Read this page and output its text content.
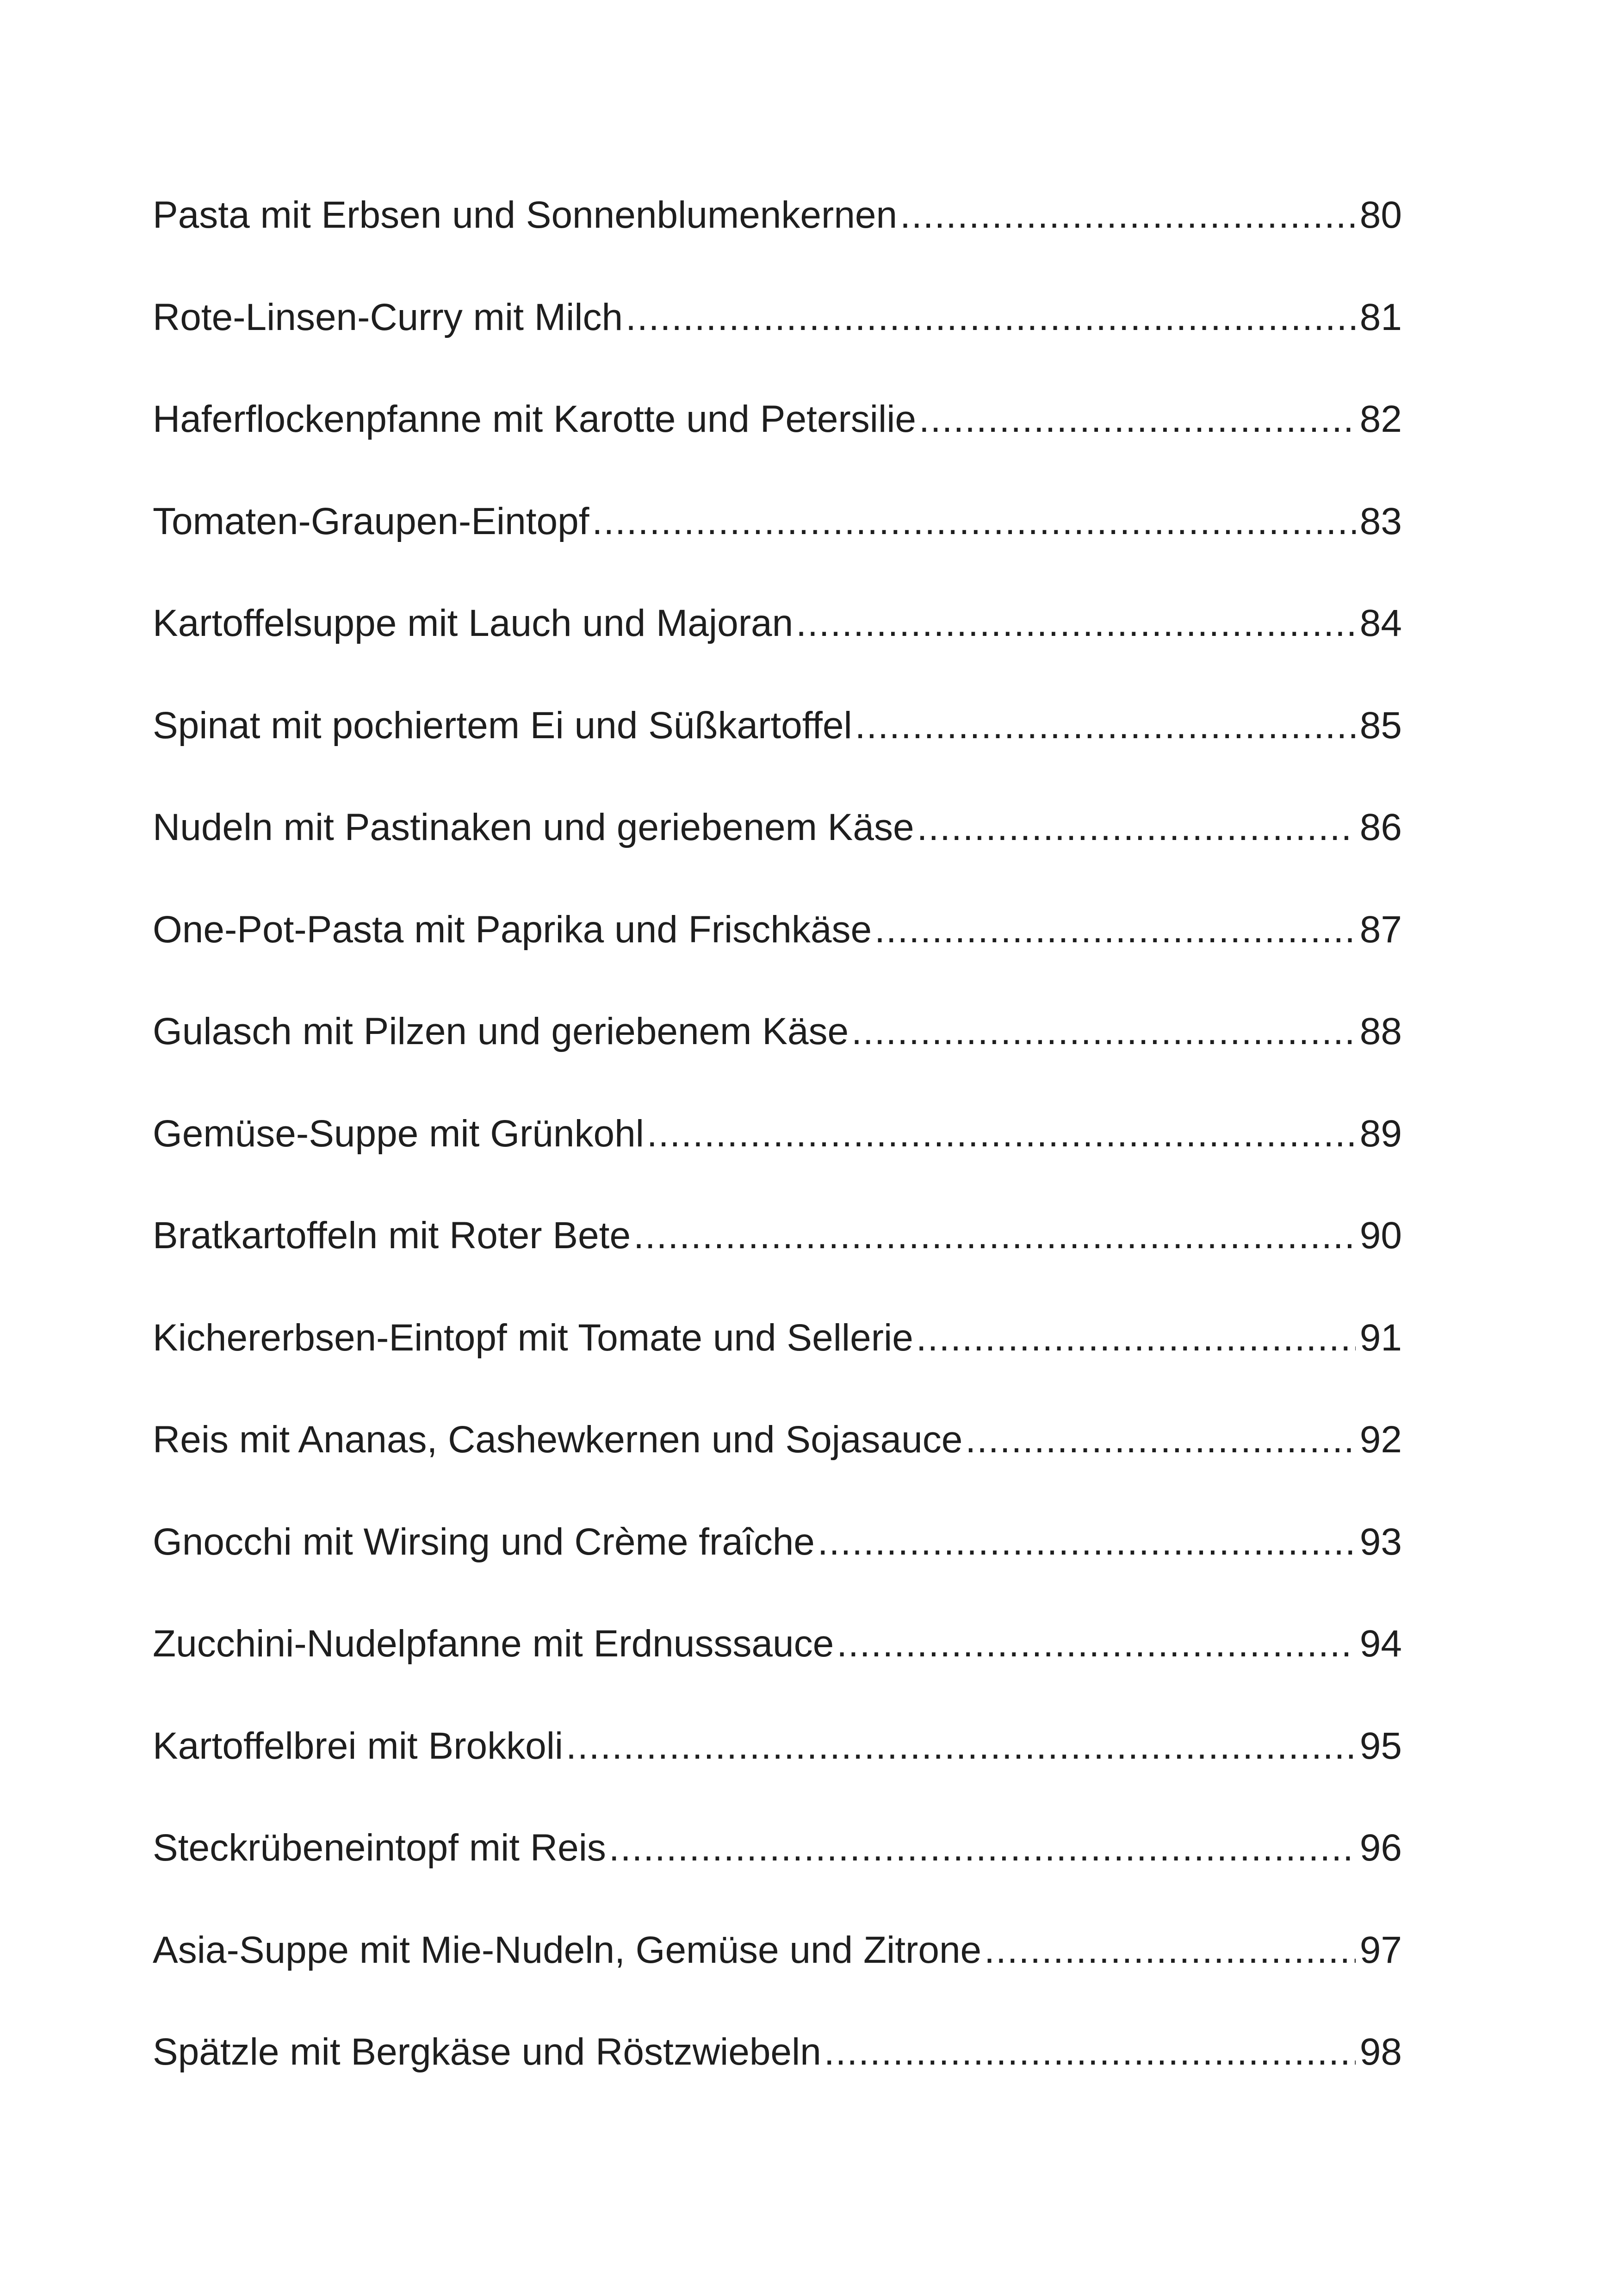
Pasta mit Erbsen und Sonnenblumenkernen .....	80
Rote-Linsen-Curry mit Milch .....	81
Haferflockenpfanne mit Karotte und Petersilie .....	82
Tomaten-Graupen-Eintopf .....	83
Kartoffelsuppe mit Lauch und Majoran .....	84
Spinat mit pochiertem Ei und Süßkartoffel .....	85
Nudeln mit Pastinaken und geriebenem Käse .....	86
One-Pot-Pasta mit Paprika und Frischkäse .....	87
Gulasch mit Pilzen und geriebenem Käse .....	88
Gemüse-Suppe mit Grünkohl .....	89
Bratkartoffeln mit Roter Bete .....	90
Kichererbsen-Eintopf mit Tomate und Sellerie .....	91
Reis mit Ananas, Cashewkernen und Sojasauce .....	92
Gnocchi mit Wirsing und Crème fraîche .....	93
Zucchini-Nudelpfanne mit Erdnusssauce .....	94
Kartoffelbrei mit Brokkoli .....	95
Steckrübeneintopf mit Reis .....	96
Asia-Suppe mit Mie-Nudeln, Gemüse und Zitrone .....	97
Spätzle mit Bergkäse und Röstzwiebeln .....	98
